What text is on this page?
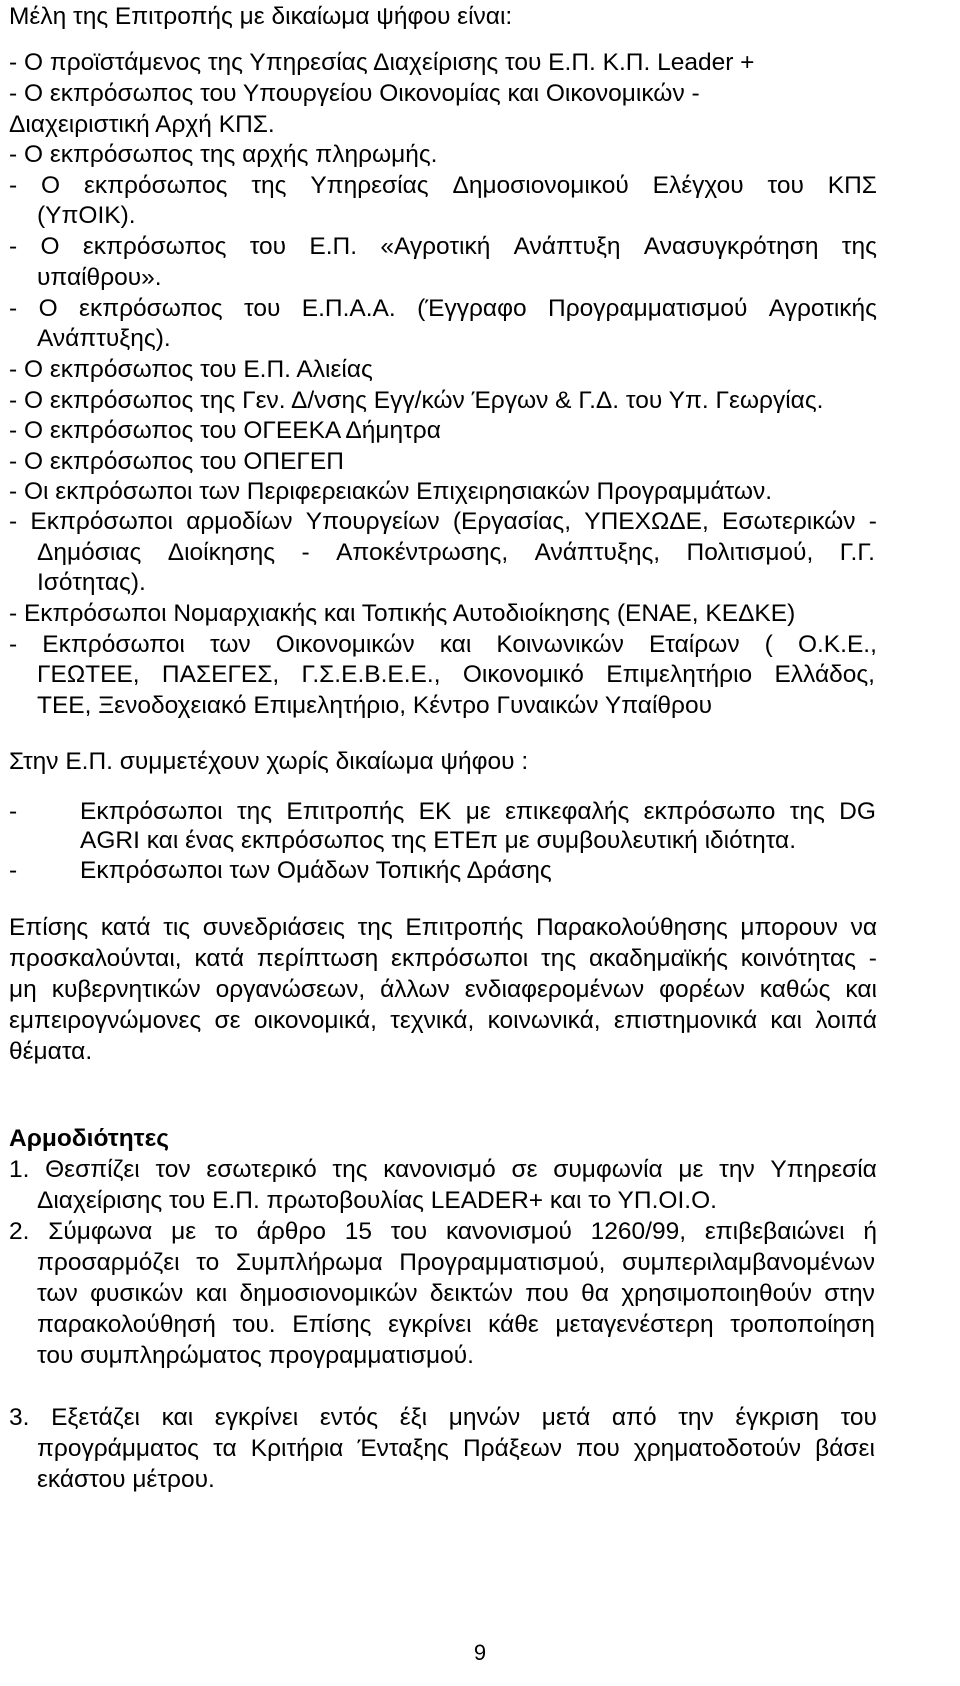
Μέλη της Επιτροπής με δικαίωμα ψήφου είναι:
- Ο προϊστάμενος της Υπηρεσίας Διαχείρισης του Ε.Π. Κ.Π. Leader +
- Ο εκπρόσωπος του Υπουργείου Οικονομίας και Οικονομικών -
Διαχειριστική Αρχή ΚΠΣ.
- Ο εκπρόσωπος της αρχής πληρωμής.
- Ο εκπρόσωπος της Υπηρεσίας Δημοσιονομικού Ελέγχου του ΚΠΣ
(ΥπΟΙΚ).
- Ο εκπρόσωπος του Ε.Π. «Αγροτική Ανάπτυξη Ανασυγκρότηση της
υπαίθρου».
- Ο εκπρόσωπος του Ε.Π.Α.Α. (Έγγραφο Προγραμματισμού Αγροτικής
Ανάπτυξης).
- Ο εκπρόσωπος του Ε.Π. Αλιείας
- Ο εκπρόσωπος της Γεν. Δ/νσης Εγγ/κών Έργων & Γ.Δ. του Υπ. Γεωργίας.
- Ο εκπρόσωπος του ΟΓΕΕΚΑ Δήμητρα
- Ο εκπρόσωπος του ΟΠΕΓΕΠ
- Οι εκπρόσωποι των Περιφερειακών Επιχειρησιακών Προγραμμάτων.
- Εκπρόσωποι αρμοδίων Υπουργείων (Εργασίας, ΥΠΕΧΩΔΕ, Εσωτερικών -
Δημόσιας Διοίκησης - Αποκέντρωσης, Ανάπτυξης, Πολιτισμού, Γ.Γ.
Ισότητας).
- Εκπρόσωποι Νομαρχιακής και Τοπικής Αυτοδιοίκησης (ΕΝΑΕ, ΚΕΔΚΕ)
- Εκπρόσωποι των Οικονομικών και Κοινωνικών Εταίρων ( Ο.Κ.Ε.,
ΓΕΩΤΕΕ, ΠΑΣΕΓΕΣ, Γ.Σ.Ε.Β.Ε.Ε., Οικονομικό Επιμελητήριο Ελλάδος,
ΤΕΕ, Ξενοδοχειακό Επιμελητήριο, Κέντρο Γυναικών Υπαίθρου
Στην Ε.Π. συμμετέχουν χωρίς δικαίωμα ψήφου :
-	Εκπρόσωποι της Επιτροπής ΕΚ με επικεφαλής εκπρόσωπο της DG
AGRI και ένας εκπρόσωπος της ΕΤΕπ με συμβουλευτική ιδιότητα.
-	Εκπρόσωποι των Ομάδων Τοπικής Δράσης
Επίσης κατά τις συνεδριάσεις της Επιτροπής Παρακολούθησης μπορουν να
προσκαλούνται, κατά περίπτωση εκπρόσωποι της ακαδημαϊκής κοινότητας -
μη κυβερνητικών οργανώσεων, άλλων ενδιαφερομένων φορέων καθώς και
εμπειρογνώμονες σε οικονομικά, τεχνικά, κοινωνικά, επιστημονικά και λοιπά
θέματα.
Αρμοδιότητες
1. Θεσπίζει τον εσωτερικό της κανονισμό σε συμφωνία με την Υπηρεσία
Διαχείρισης του Ε.Π. πρωτοβουλίας LEADER+ και το ΥΠ.ΟΙ.Ο.
2. Σύμφωνα με το άρθρο 15 του κανονισμού 1260/99, επιβεβαιώνει ή
προσαρμόζει το Συμπλήρωμα Προγραμματισμού, συμπεριλαμβανομένων
των φυσικών και δημοσιονομικών δεικτών που θα χρησιμοποιηθούν στην
παρακολούθησή του. Επίσης εγκρίνει κάθε μεταγενέστερη τροποποίηση
του συμπληρώματος προγραμματισμού.
3. Εξετάζει και εγκρίνει εντός έξι μηνών μετά από την έγκριση του
προγράμματος τα Κριτήρια Ένταξης Πράξεων που χρηματοδοτούν βάσει
εκάστου μέτρου.
9
